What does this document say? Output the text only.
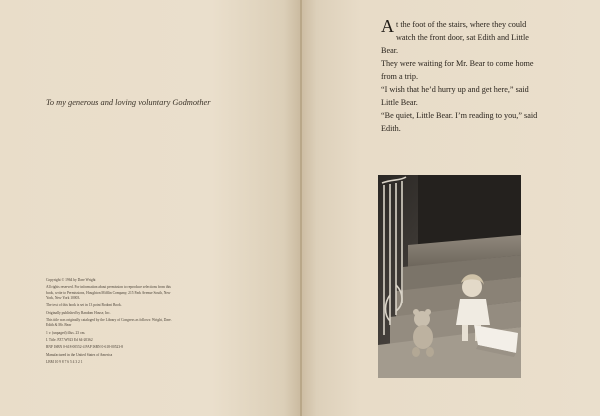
To my generous and loving voluntary Godmother

Copyright © 1964 by Dare Wright

All rights reserved. For information about permission to reproduce selections from this book, write to Permissions, Houghton Mifflin Company, 215 Park Avenue South, New York, New York 10003.

The text of this book is set in 13 point Bodoni Book.

Originally published by Random House, Inc.

This title was originally cataloged by the Library of Congress as follows: Wright, Dare. Edith & Mr. Bear

1 v. (unpaged) illus. 23 cm.

I. Title. PZ7.W923 Ed 64-20362

RNF ISBN 0-618-00552-4 PAP ISBN 0-618-00523-8

Manufactured in the United States of America

LBM 10 9 8 7 6 5 4 3 2 1

At the foot of the stairs, where they could watch the front door, sat Edith and Little Bear.

They were waiting for Mr. Bear to come home from a trip.

“I wish that he’d hurry up and get here,” said Little Bear.

“Be quiet, Little Bear. I’m reading to you,” said Edith.
